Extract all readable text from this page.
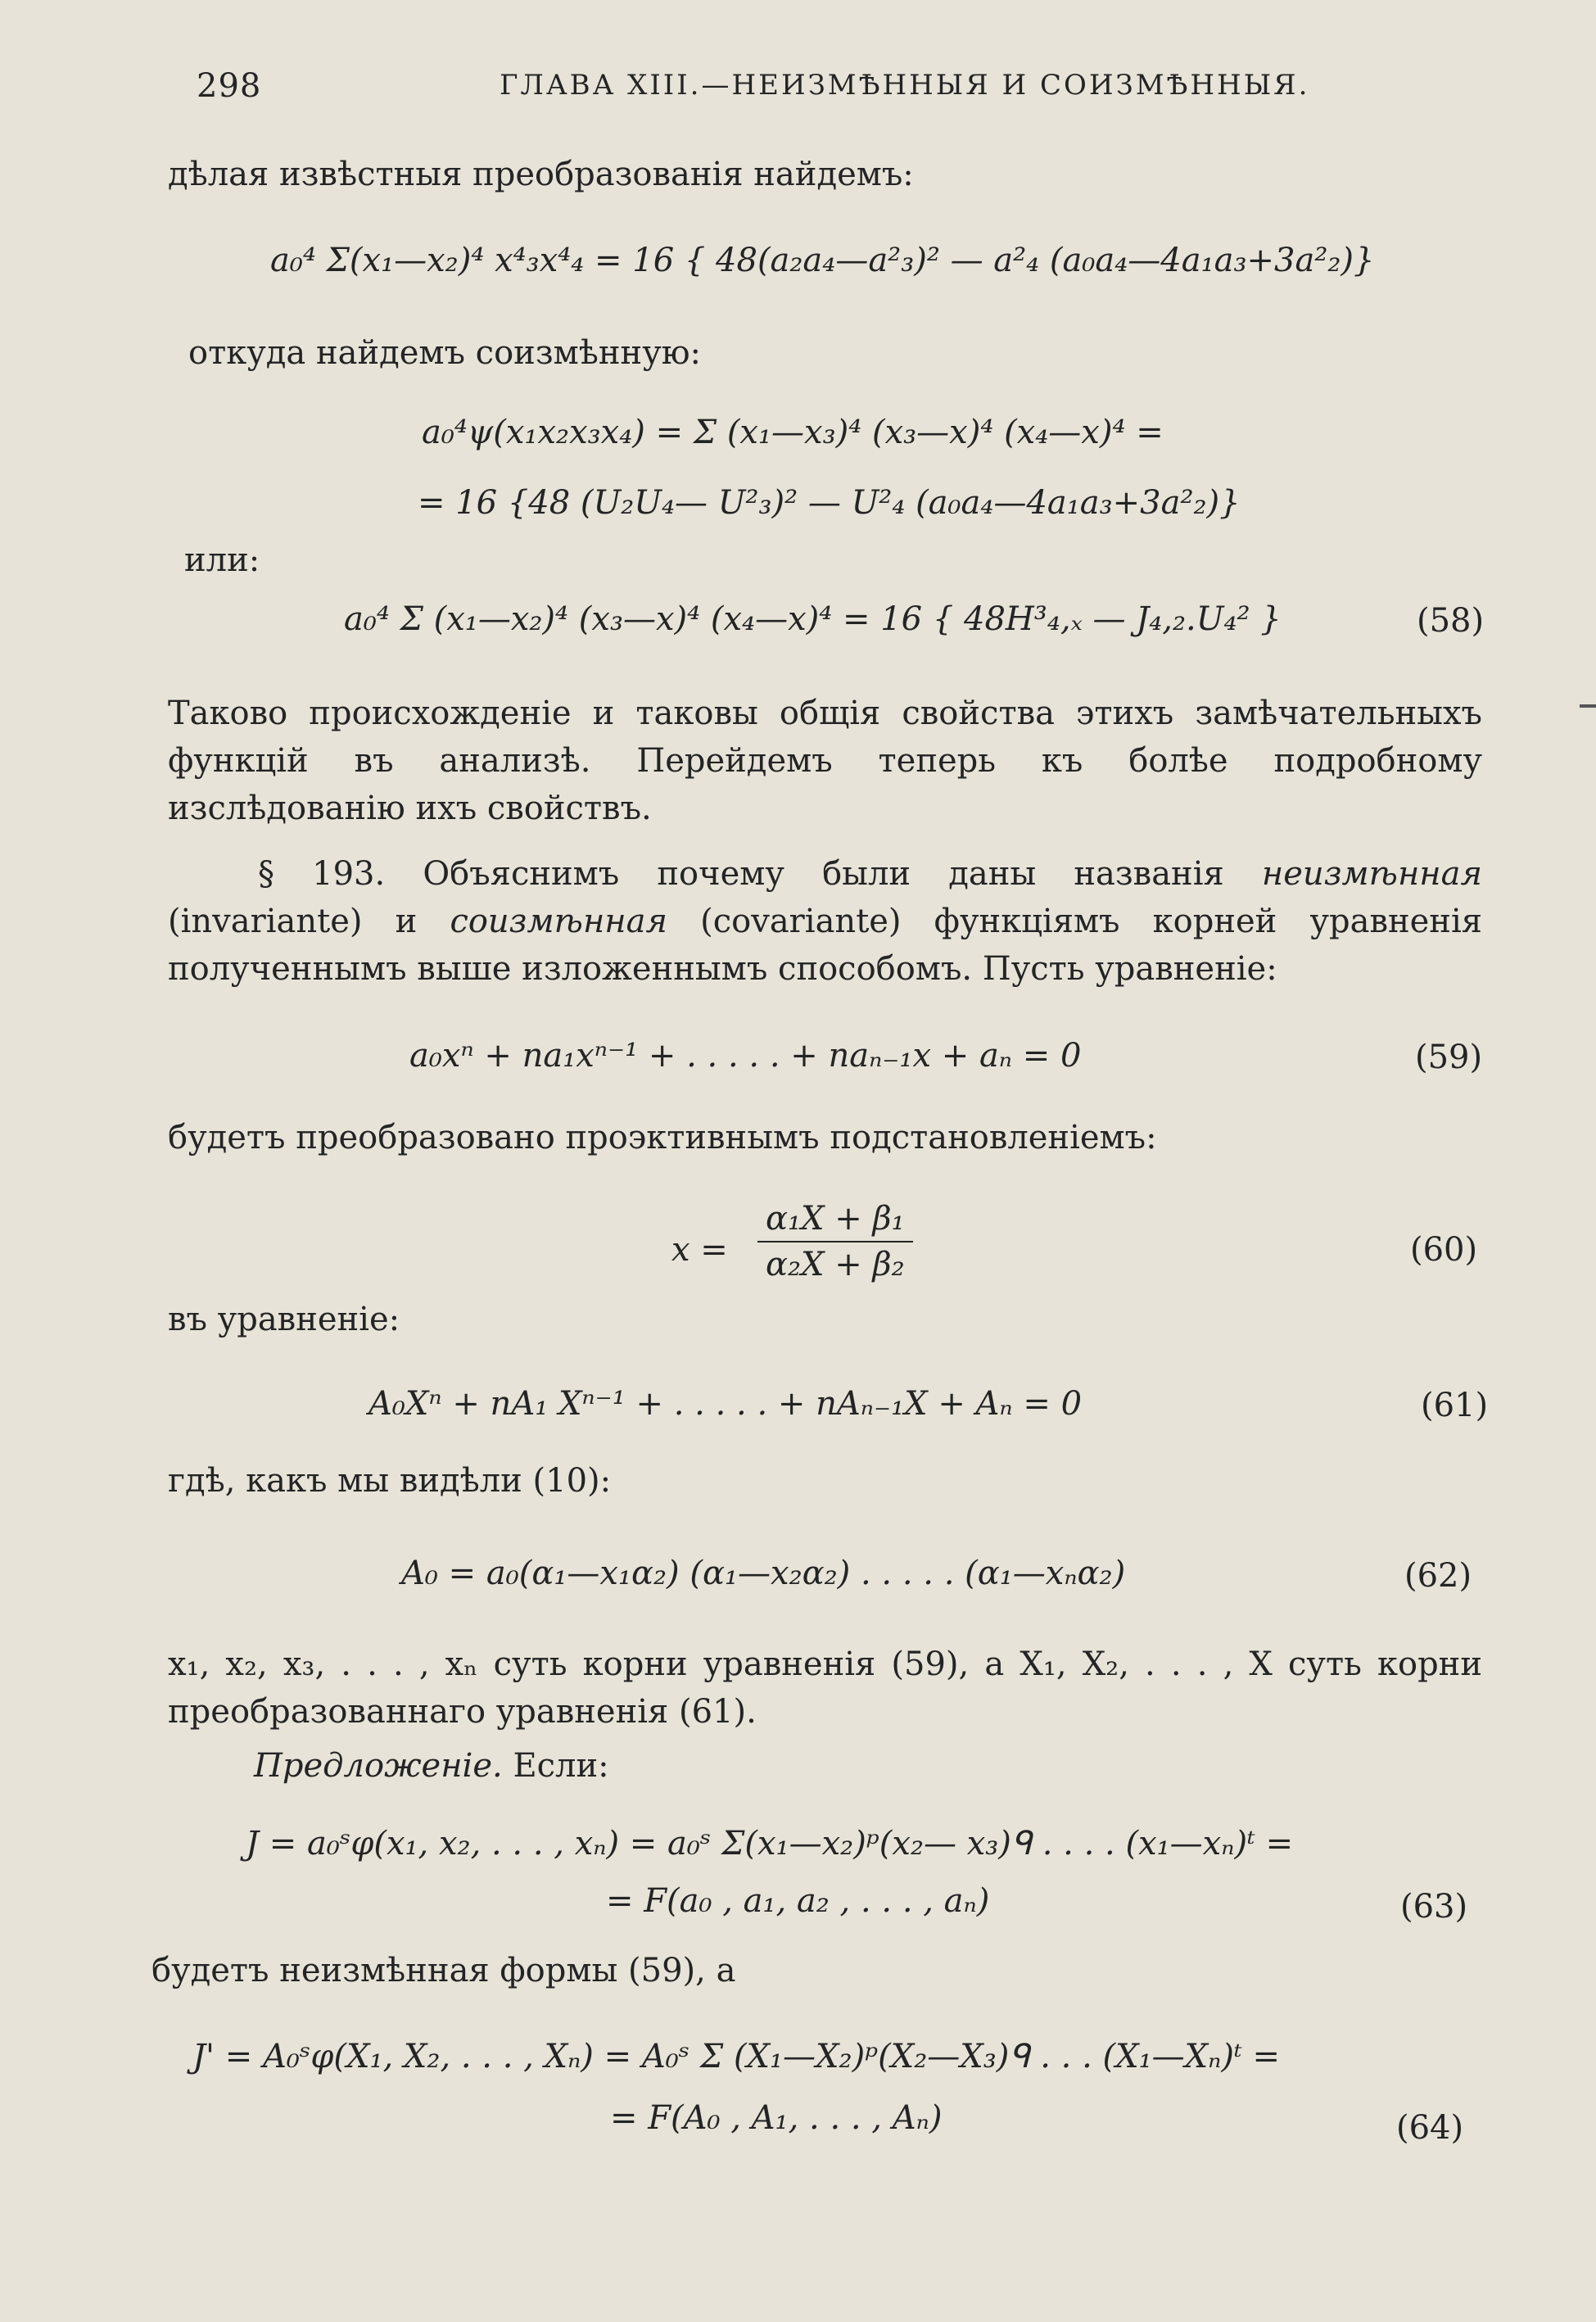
298	ГЛАВА XIII.—НЕИЗМѢННЫЯ И СОИЗМѢННЫЯ.
дѣлая извѣстныя преобразованія найдемъ:
a₀⁴ Σ(x₁—x₂)⁴ x⁴₃x⁴₄ = 16 { 48(a₂a₄—a²₃)² — a²₄ (a₀a₄—4a₁a₃+3a²₂)}
откуда найдемъ соизмѣнную:
a₀⁴ψ(x₁x₂x₃x₄) = Σ (x₁—x₃)⁴ (x₃—x)⁴ (x₄—x)⁴ =
= 16 {48 (U₂U₄— U²₃)² — U²₄ (a₀a₄—4a₁a₃+3a²₂)}
или:
a₀⁴ Σ (x₁—x₂)⁴ (x₃—x)⁴ (x₄—x)⁴ = 16 { 48H³₄,ₓ — J₄,₂.U₄² }	(58)
Таково происхожденіе и таковы общія свойства этихъ замѣчательныхъ функцій въ анализѣ. Перейдемъ теперь къ болѣе подробному изслѣдованію ихъ свойствъ.
§ 193. Объяснимъ почему были даны названія неизмѣнная (invariante) и соизмѣнная (covariante) функціямъ корней уравненія полученнымъ выше изложеннымъ способомъ. Пусть уравненіе:
a₀xⁿ + na₁xⁿ⁻¹ + . . . . . + naₙ₋₁x + aₙ = 0	(59)
будетъ преобразовано проэктивнымъ подстановленіемъ:
$x = \frac{\text{α₁X + β₁}}{\text{α₂X + β₂}}$	(60)
въ уравненіе:
A₀Xⁿ + nA₁ Xⁿ⁻¹ + . . . . . + nAₙ₋₁X + Aₙ = 0	(61)
гдѣ, какъ мы видѣли (10):
A₀ = a₀(α₁—x₁α₂) (α₁—x₂α₂) . . . . . (α₁—xₙα₂)	(62)
x₁, x₂, x₃, . . . , xₙ суть корни уравненія (59), а X₁, X₂, . . . , X суть корни преобразованнаго уравненія (61).
Предложеніе. Если:
J = a₀ˢφ(x₁, x₂, . . . , xₙ) = a₀ˢ Σ(x₁—x₂)ᵖ(x₂— x₃)ᑫ . . . . (x₁—xₙ)ᵗ =
= F(a₀ , a₁, a₂ , . . . , aₙ)	(63)
будетъ неизмѣнная формы (59), а
J' = A₀ˢφ(X₁, X₂, . . . , Xₙ) = A₀ˢ Σ (X₁—X₂)ᵖ(X₂—X₃)ᑫ . . . (X₁—Xₙ)ᵗ =
= F(A₀ , A₁, . . . , Aₙ)	(64)
